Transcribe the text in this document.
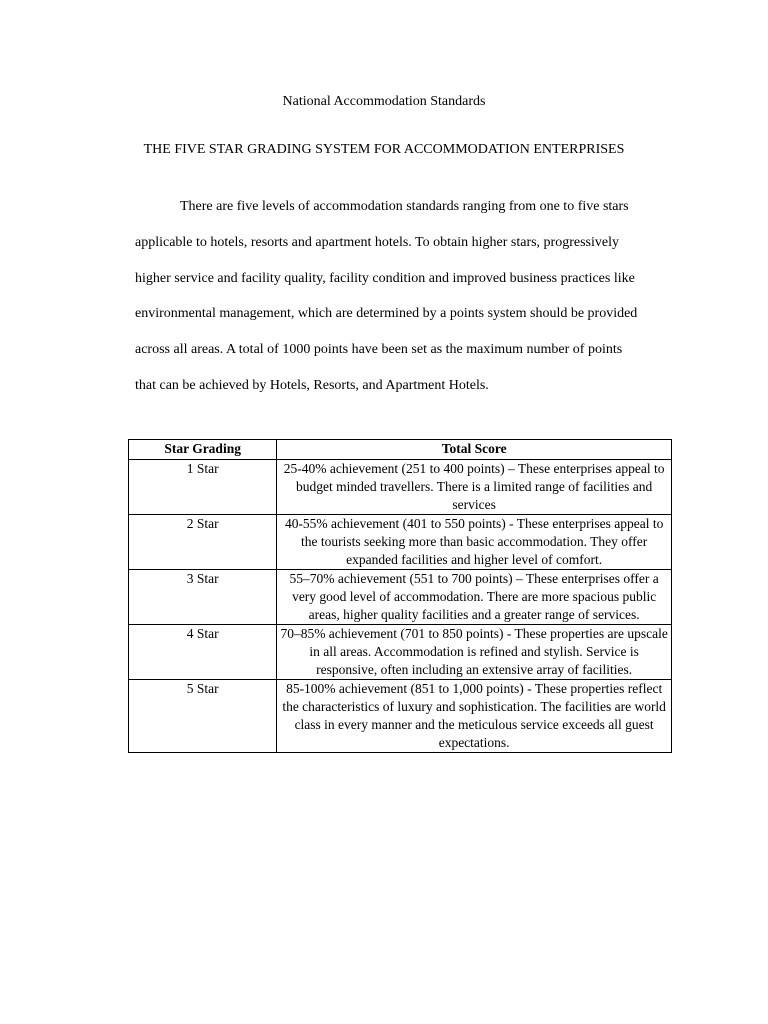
National Accommodation Standards
THE FIVE STAR GRADING SYSTEM FOR ACCOMMODATION ENTERPRISES

There are five levels of accommodation standards ranging from one to five stars
applicable to hotels, resorts and apartment hotels. To obtain higher stars, progressively
higher service and facility quality, facility condition and improved business practices like
environmental management, which are determined by a points system should be provided
across all areas. A total of 1000 points have been set as the maximum number of points
that can be achieved by Hotels, Resorts, and Apartment Hotels.

Star Grading	Total Score
1 Star	25-40% achievement (251 to 400 points) – These enterprises appeal to budget minded travellers. There is a limited range of facilities and services
2 Star	40-55% achievement (401 to 550 points) - These enterprises appeal to the tourists seeking more than basic accommodation. They offer expanded facilities and higher level of comfort.
3 Star	55–70% achievement (551 to 700 points) – These enterprises offer a very good level of accommodation. There are more spacious public areas, higher quality facilities and a greater range of services.
4 Star	70–85% achievement (701 to 850 points) - These properties are upscale in all areas. Accommodation is refined and stylish. Service is responsive, often including an extensive array of facilities.
5 Star	85-100% achievement (851 to 1,000 points) - These properties reflect the characteristics of luxury and sophistication. The facilities are world class in every manner and the meticulous service exceeds all guest expectations.
